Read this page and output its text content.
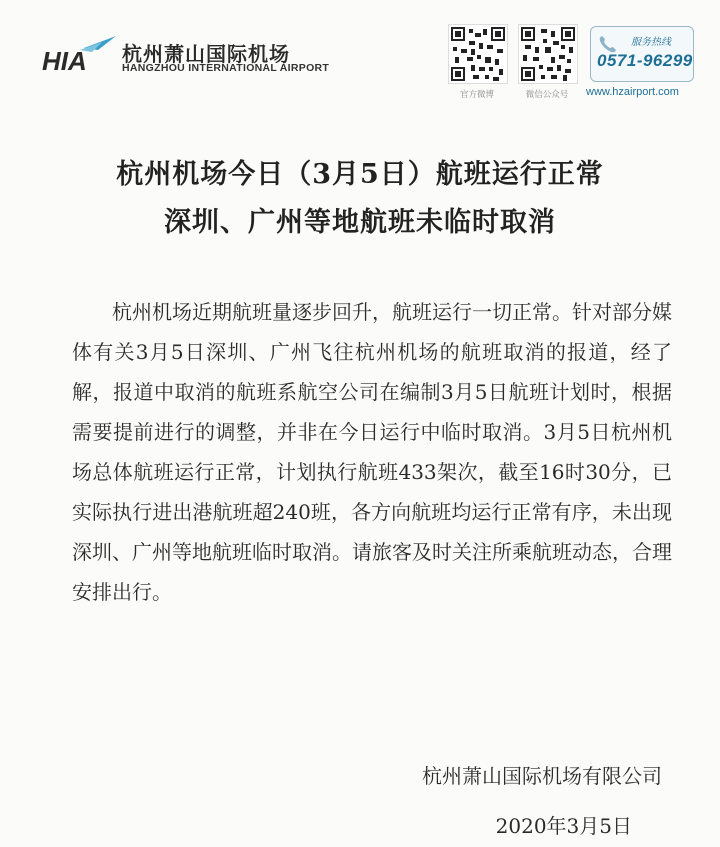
HIA 杭州萧山国际机场
HANGZHOU INTERNATIONAL AIRPORT
官方微博	微信公众号
服务热线
0571-96299
www.hzairport.com
杭州机场今日（3月5日）航班运行正常
深圳、广州等地航班未临时取消

杭州机场近期航班量逐步回升，航班运行一切正常。针对部分媒体有关3月5日深圳、广州飞往杭州机场的航班取消的报道，经了解，报道中取消的航班系航空公司在编制3月5日航班计划时，根据需要提前进行的调整，并非在今日运行中临时取消。3月5日杭州机场总体航班运行正常，计划执行航班433架次，截至16时30分，已实际执行进出港航班超240班，各方向航班均运行正常有序，未出现深圳、广州等地航班临时取消。请旅客及时关注所乘航班动态，合理安排出行。

杭州萧山国际机场有限公司
2020年3月5日
